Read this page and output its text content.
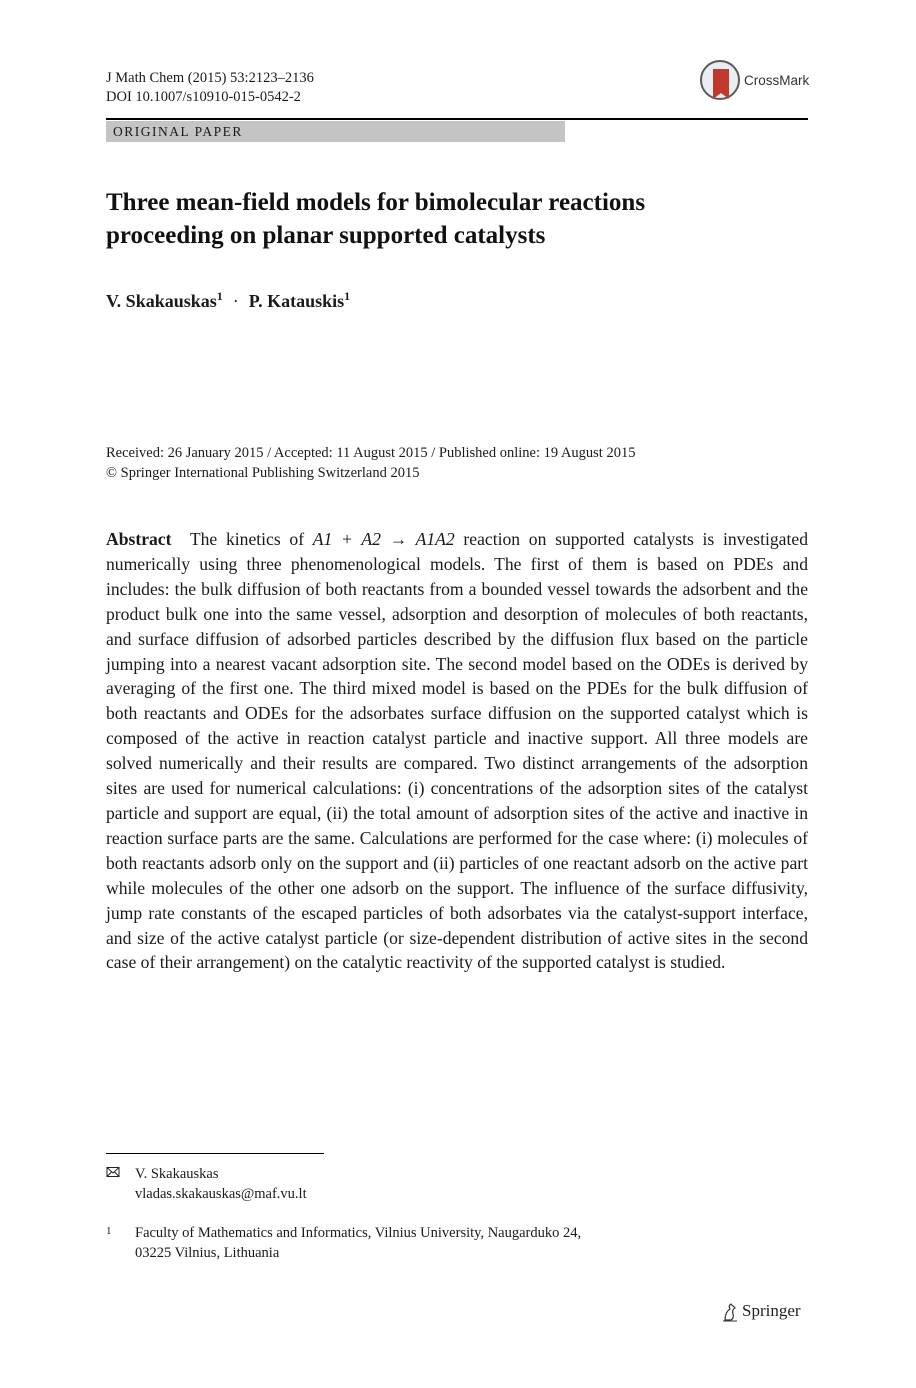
J Math Chem (2015) 53:2123–2136
DOI 10.1007/s10910-015-0542-2
CrossMark
ORIGINAL PAPER
Three mean-field models for bimolecular reactions
proceeding on planar supported catalysts
V. Skakauskas$^1$ · P. Katauskis$^1$
Received: 26 January 2015 / Accepted: 11 August 2015 / Published online: 19 August 2015
© Springer International Publishing Switzerland 2015
Abstract The kinetics of A1 + A2 → A1A2 reaction on supported catalysts is investigated numerically using three phenomenological models. The first of them is based on PDEs and includes: the bulk diffusion of both reactants from a bounded vessel towards the adsorbent and the product bulk one into the same vessel, adsorption and desorption of molecules of both reactants, and surface diffusion of adsorbed particles described by the diffusion flux based on the particle jumping into a nearest vacant adsorption site. The second model based on the ODEs is derived by averaging of the first one. The third mixed model is based on the PDEs for the bulk diffusion of both reactants and ODEs for the adsorbates surface diffusion on the supported catalyst which is composed of the active in reaction catalyst particle and inactive support. All three models are solved numerically and their results are compared. Two distinct arrangements of the adsorption sites are used for numerical calculations: (i) concentrations of the adsorption sites of the catalyst particle and support are equal, (ii) the total amount of adsorption sites of the active and inactive in reaction surface parts are the same. Calculations are performed for the case where: (i) molecules of both reactants adsorb only on the support and (ii) particles of one reactant adsorb on the active part while molecules of the other one adsorb on the support. The influence of the surface diffusivity, jump rate constants of the escaped particles of both adsorbates via the catalyst-support interface, and size of the active catalyst particle (or size-dependent distribution of active sites in the second case of their arrangement) on the catalytic reactivity of the supported catalyst is studied.
V. Skakauskas
vladas.skakauskas@maf.vu.lt
1 Faculty of Mathematics and Informatics, Vilnius University, Naugarduko 24,
03225 Vilnius, Lithuania
Springer
